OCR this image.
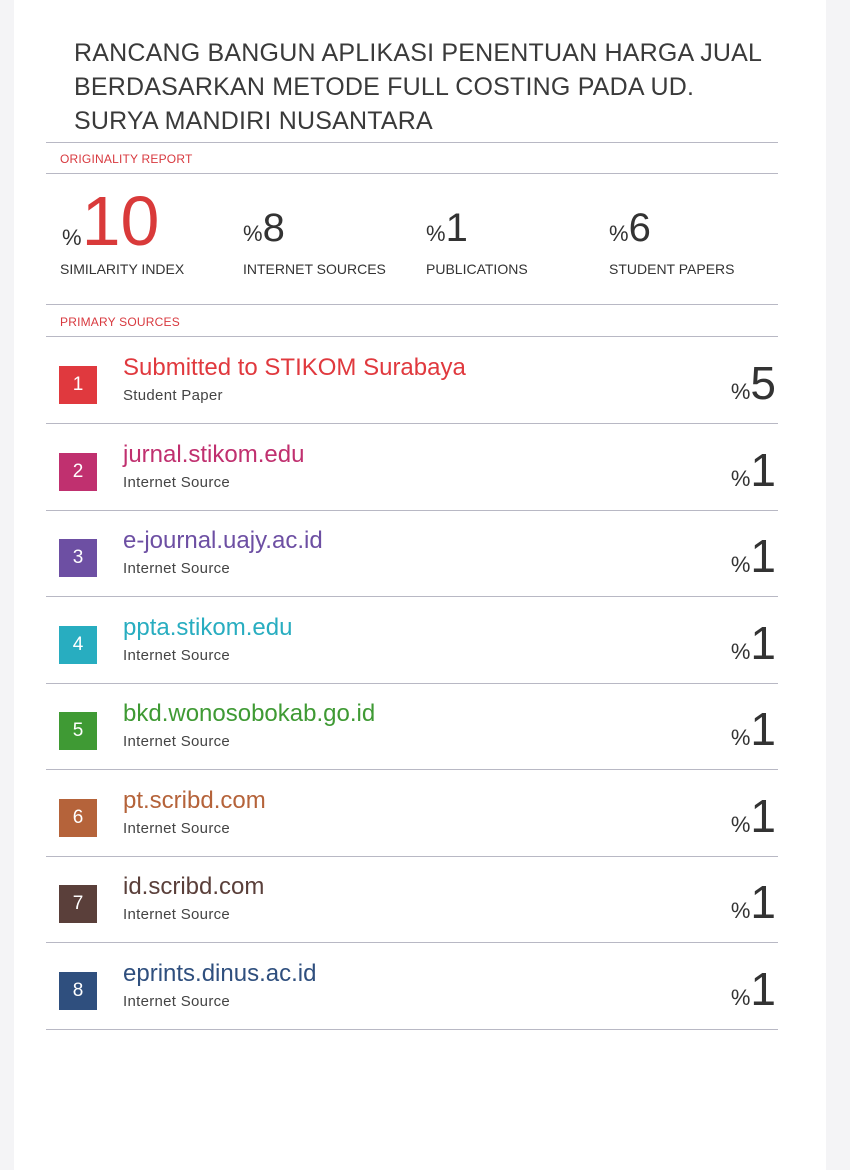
RANCANG BANGUN APLIKASI PENENTUAN HARGA JUAL
BERDASARKAN METODE FULL COSTING PADA UD.
SURYA MANDIRI NUSANTARA
ORIGINALITY REPORT
%10	%8	%1	%6
SIMILARITY INDEX	INTERNET SOURCES	PUBLICATIONS	STUDENT PAPERS
PRIMARY SOURCES
1
Submitted to STIKOM Surabaya
Student Paper	%5
2
jurnal.stikom.edu
Internet Source	%1
3
e-journal.uajy.ac.id
Internet Source	%1
4
ppta.stikom.edu
Internet Source	%1
5
bkd.wonosobokab.go.id
Internet Source	%1
6
pt.scribd.com
Internet Source	%1
7
id.scribd.com
Internet Source	%1
8
eprints.dinus.ac.id
Internet Source	%1
